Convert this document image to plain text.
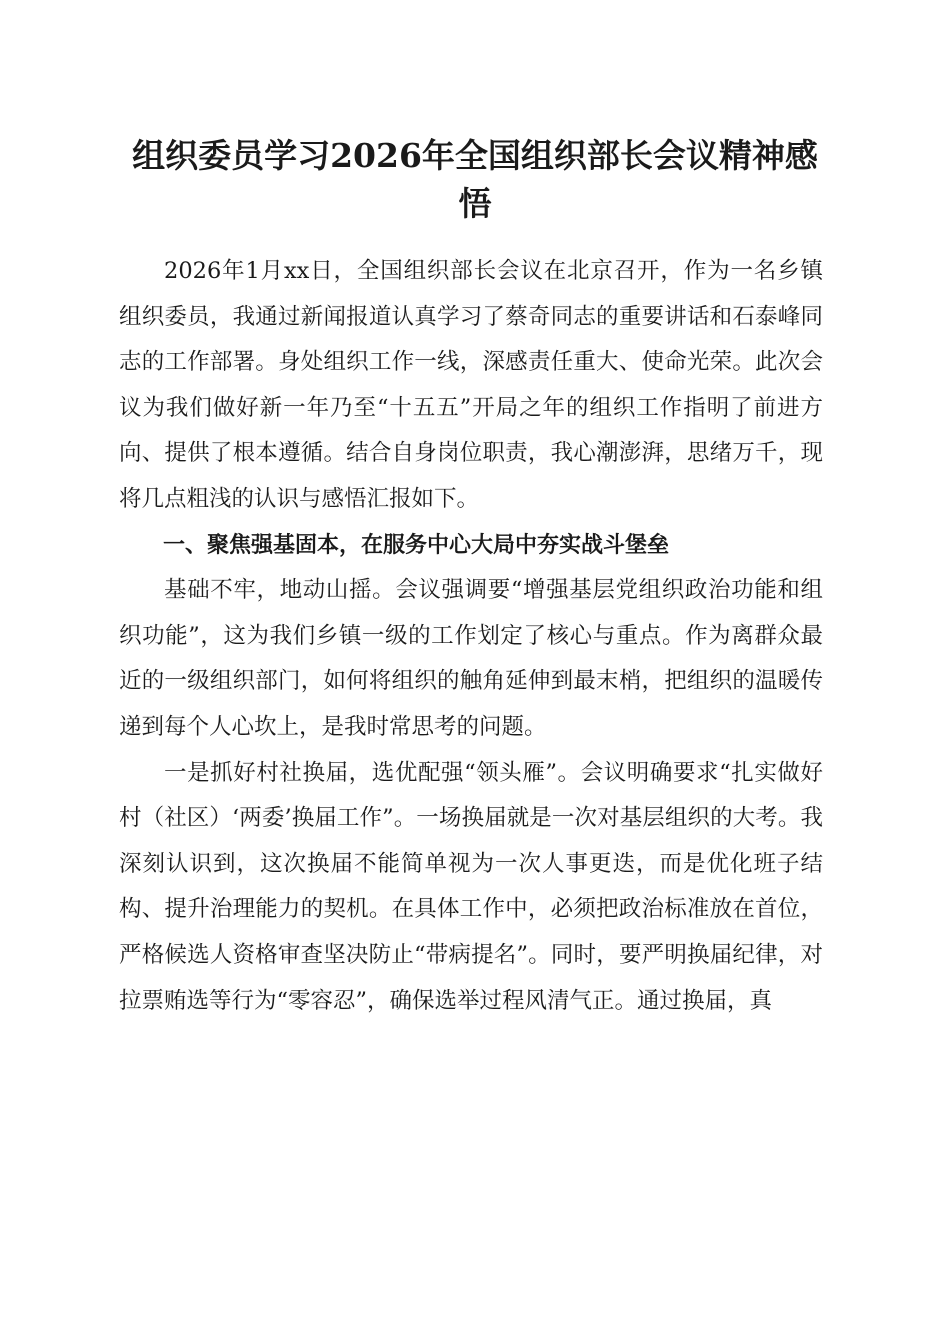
组织委员学习2026年全国组织部长会议精神感悟

2026年1月xx日，全国组织部长会议在北京召开，作为一名乡镇组织委员，我通过新闻报道认真学习了蔡奇同志的重要讲话和石泰峰同志的工作部署。身处组织工作一线，深感责任重大、使命光荣。此次会议为我们做好新一年乃至“十五五”开局之年的组织工作指明了前进方向、提供了根本遵循。结合自身岗位职责，我心潮澎湃，思绪万千，现将几点粗浅的认识与感悟汇报如下。

一、聚焦强基固本，在服务中心大局中夯实战斗堡垒

基础不牢，地动山摇。会议强调要“增强基层党组织政治功能和组织功能”，这为我们乡镇一级的工作划定了核心与重点。作为离群众最近的一级组织部门，如何将组织的触角延伸到最末梢，把组织的温暖传递到每个人心坎上，是我时常思考的问题。

一是抓好村社换届，选优配强“领头雁”。会议明确要求“扎实做好村（社区）‘两委’换届工作”。一场换届就是一次对基层组织的大考。我深刻认识到，这次换届不能简单视为一次人事更迭，而是优化班子结构、提升治理能力的契机。在具体工作中，必须把政治标准放在首位，严格候选人资格审查坚决防止“带病提名”。同时，要严明换届纪律，对拉票贿选等行为“零容忍”，确保选举过程风清气正。通过换届，真
